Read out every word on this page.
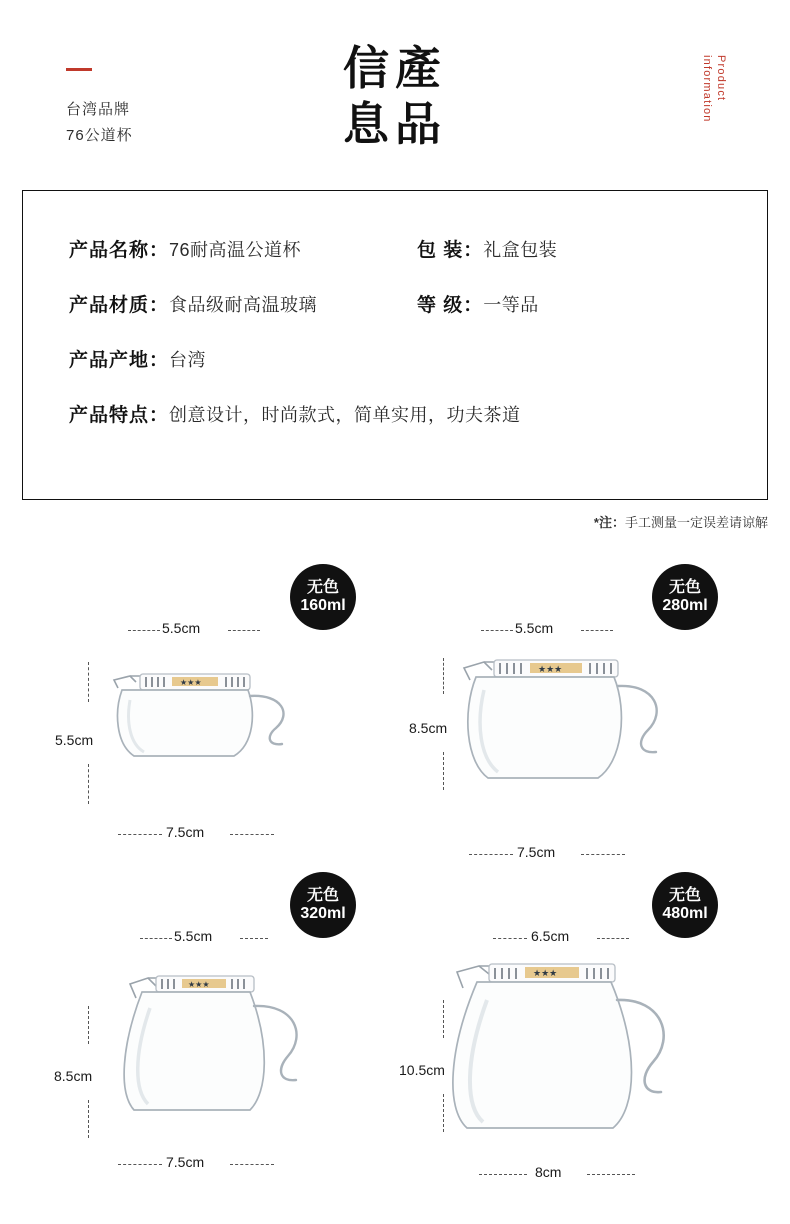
台湾品牌
76公道杯
信產
息品
Product
information
产品名称： 76耐高温公道杯	包 装： 礼盒包装
产品材质： 食品级耐高温玻璃	等 级： 一等品
产品产地： 台湾
产品特点： 创意设计，时尚款式，简单实用，功夫茶道
*注：手工测量一定误差请谅解
无色
160ml
5.5cm
5.5cm
7.5cm
★★★
无色
280ml
5.5cm
8.5cm
7.5cm
★★★
无色
320ml
5.5cm
8.5cm
7.5cm
★★★
无色
480ml
6.5cm
10.5cm
8cm
★★★
